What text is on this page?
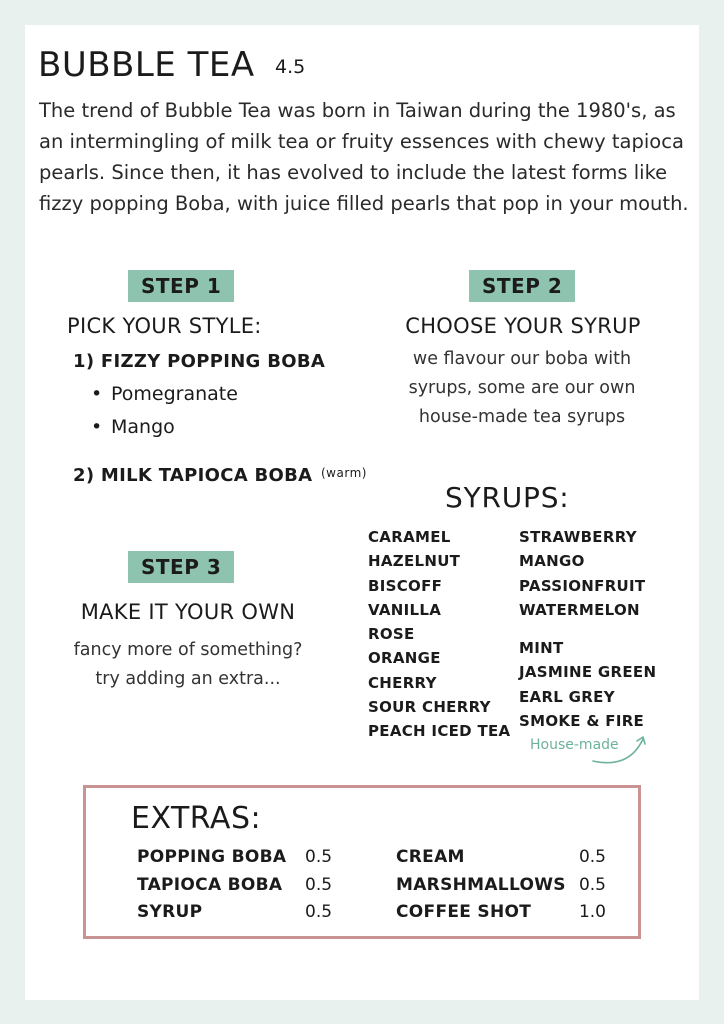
BUBBLE TEA 4.5

The trend of Bubble Tea was born in Taiwan during the 1980's, as an intermingling of milk tea or fruity essences with chewy tapioca pearls. Since then, it has evolved to include the latest forms like fizzy popping Boba, with juice filled pearls that pop in your mouth.

STEP 1
PICK YOUR STYLE:
1) FIZZY POPPING BOBA
• Pomegranate
• Mango
2) MILK TAPIOCA BOBA (warm)
STEP 2
CHOOSE YOUR SYRUP
we flavour our boba with
syrups, some are our own
house-made tea syrups
STEP 3
MAKE IT YOUR OWN
fancy more of something?
try adding an extra...
SYRUPS:
CARAMEL
HAZELNUT
BISCOFF
VANILLA
ROSE
ORANGE
CHERRY
SOUR CHERRY
PEACH ICED TEA
STRAWBERRY
MANGO
PASSIONFRUIT
WATERMELON
MINT
JASMINE GREEN
EARL GREY
SMOKE & FIRE
House-made
EXTRAS:
POPPING BOBA
TAPIOCA BOBA
SYRUP
0.5
0.5
0.5
CREAM
MARSHMALLOWS
COFFEE SHOT
0.5
0.5
1.0
